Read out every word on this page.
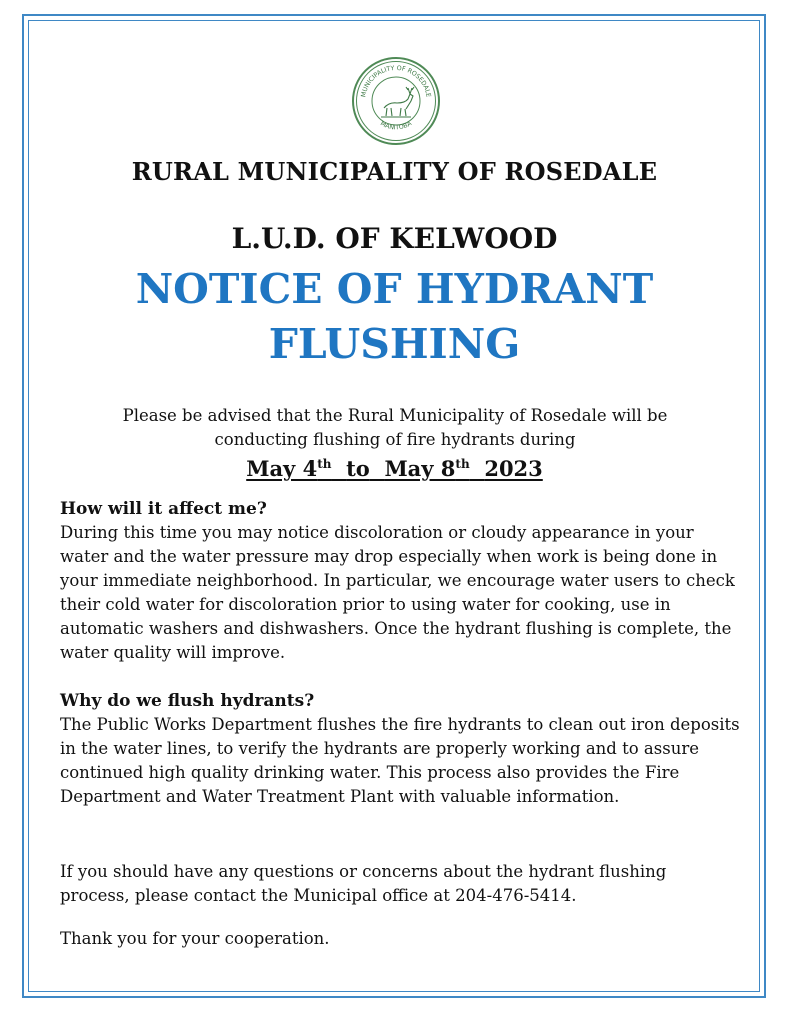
MUNICIPALITY OF ROSEDALE
MANITOBA
RURAL MUNICIPALITY OF ROSEDALE
L.U.D. OF KELWOOD
NOTICE OF HYDRANT
FLUSHING
Please be advised that the Rural Municipality of Rosedale will be
conducting flushing of fire hydrants during
May 4th to May 8th 2023
How will it affect me?

During this time you may notice discoloration or cloudy appearance in your water and the water pressure may drop especially when work is being done in your immediate neighborhood. In particular, we encourage water users to check their cold water for discoloration prior to using water for cooking, use in automatic washers and dishwashers. Once the hydrant flushing is complete, the water quality will improve.

Why do we flush hydrants?

The Public Works Department flushes the fire hydrants to clean out iron deposits in the water lines, to verify the hydrants are properly working and to assure continued high quality drinking water. This process also provides the Fire Department and Water Treatment Plant with valuable information.

If you should have any questions or concerns about the hydrant flushing process, please contact the Municipal office at 204-476-5414.

Thank you for your cooperation.
